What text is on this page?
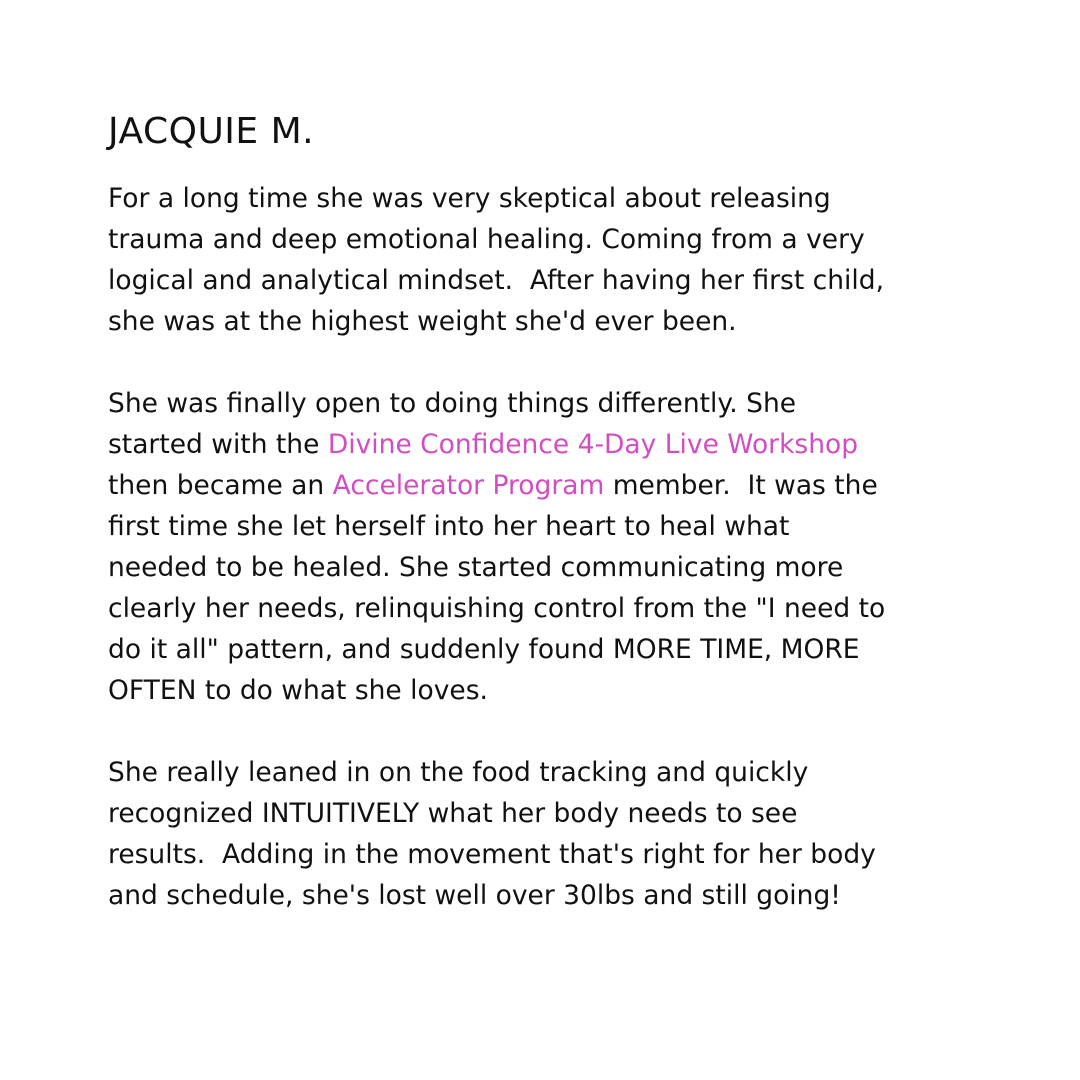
JACQUIE M.

For a long time she was very skeptical about releasing
trauma and deep emotional healing. Coming from a very
logical and analytical mindset.  After having her first child,
she was at the highest weight she'd ever been.

She was finally open to doing things differently. She
started with the Divine Confidence 4-Day Live Workshop
then became an Accelerator Program member.  It was the
first time she let herself into her heart to heal what
needed to be healed. She started communicating more
clearly her needs, relinquishing control from the "I need to
do it all" pattern, and suddenly found MORE TIME, MORE
OFTEN to do what she loves.

She really leaned in on the food tracking and quickly
recognized INTUITIVELY what her body needs to see
results.  Adding in the movement that's right for her body
and schedule, she's lost well over 30lbs and still going!
